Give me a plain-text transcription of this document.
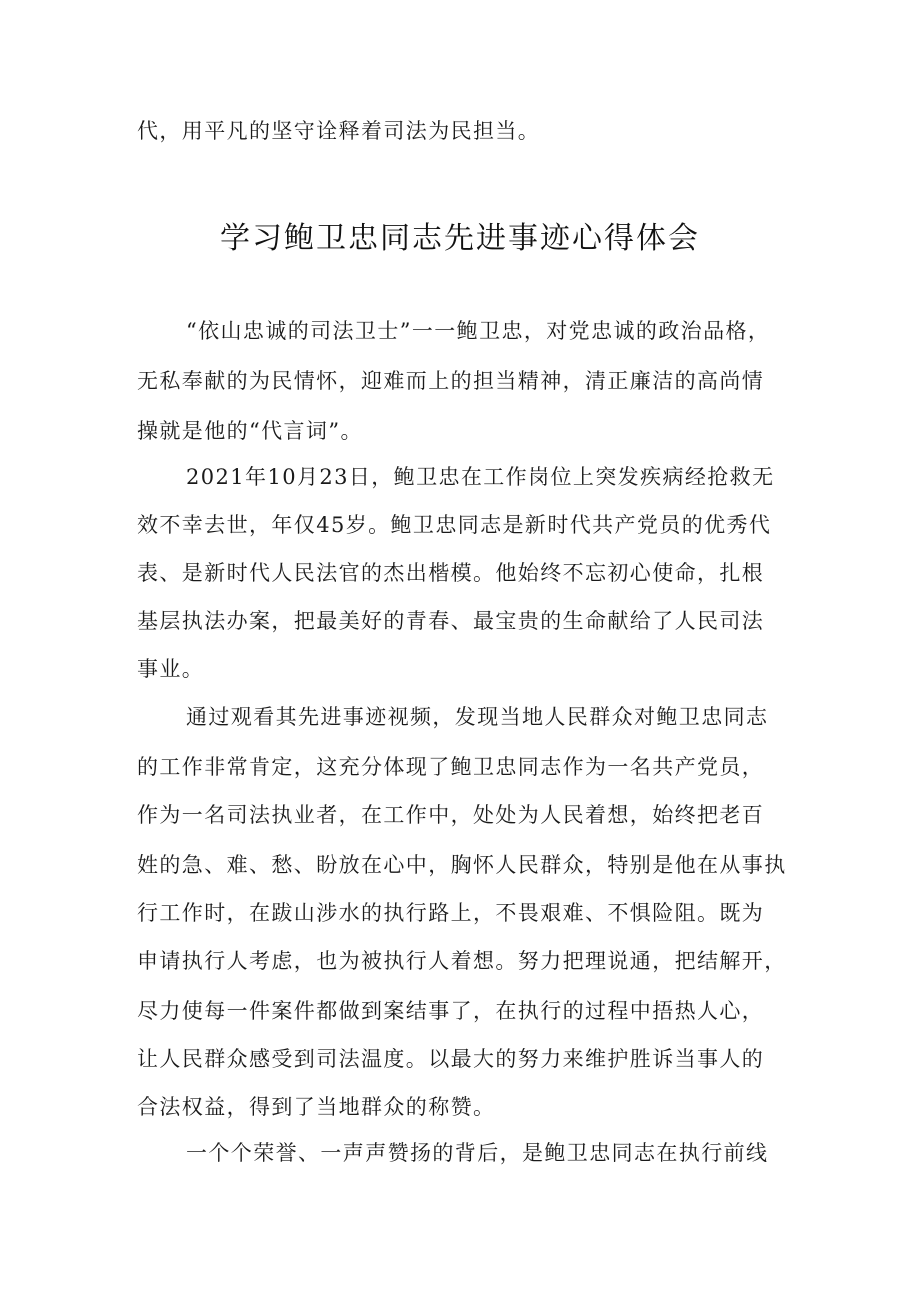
代，用平凡的坚守诠释着司法为民担当。
学习鲍卫忠同志先进事迹心得体会
“依山忠诚的司法卫士”一一鲍卫忠，对党忠诚的政治品格，
无私奉献的为民情怀，迎难而上的担当精神，清正廉洁的高尚情
操就是他的“代言词”。
2021年10月23日，鲍卫忠在工作岗位上突发疾病经抢救无
效不幸去世，年仅45岁。鲍卫忠同志是新时代共产党员的优秀代
表、是新时代人民法官的杰出楷模。他始终不忘初心使命，扎根
基层执法办案，把最美好的青春、最宝贵的生命献给了人民司法
事业。
通过观看其先进事迹视频，发现当地人民群众对鲍卫忠同志
的工作非常肯定，这充分体现了鲍卫忠同志作为一名共产党员，
作为一名司法执业者，在工作中，处处为人民着想，始终把老百
姓的急、难、愁、盼放在心中，胸怀人民群众，特别是他在从事执
行工作时，在跋山涉水的执行路上，不畏艰难、不惧险阻。既为
申请执行人考虑，也为被执行人着想。努力把理说通，把结解开，
尽力使每一件案件都做到案结事了，在执行的过程中捂热人心，
让人民群众感受到司法温度。以最大的努力来维护胜诉当事人的
合法权益，得到了当地群众的称赞。
一个个荣誉、一声声赞扬的背后，是鲍卫忠同志在执行前线
